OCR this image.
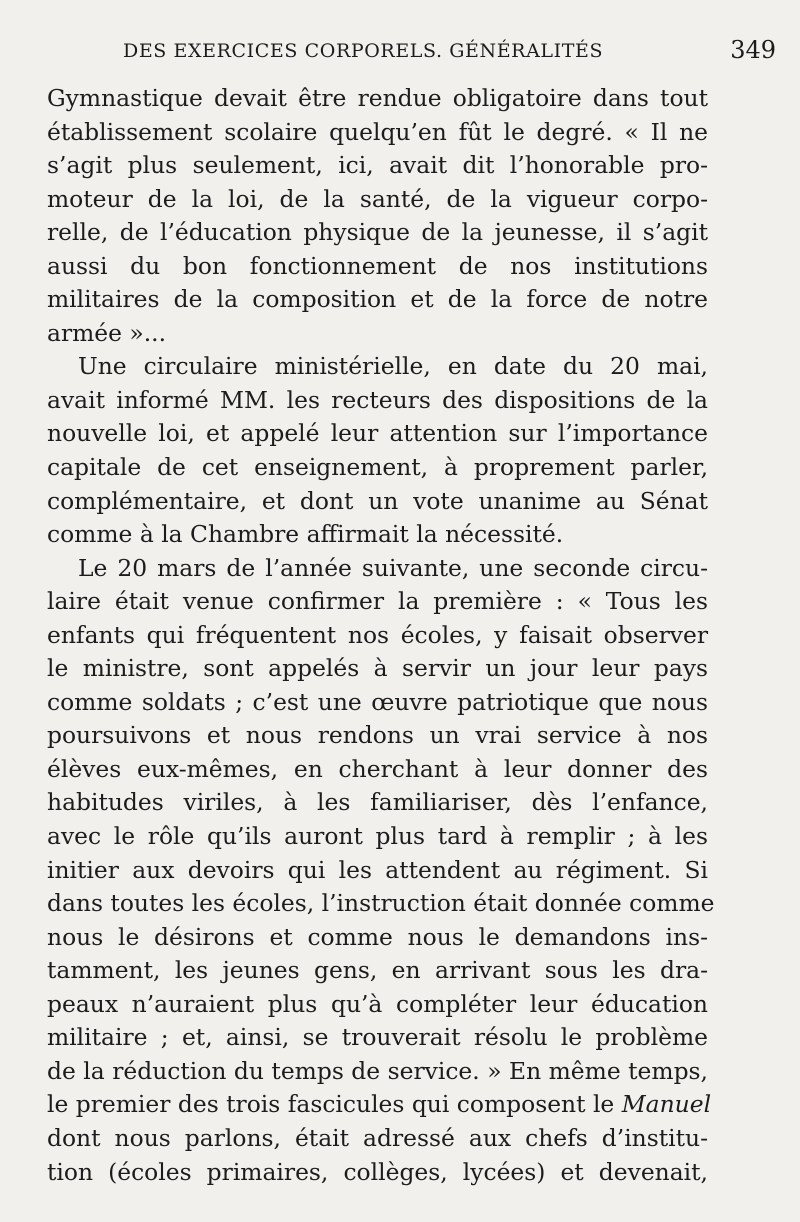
DES EXERCICES CORPORELS. GÉNÉRALITÉS	349
Gymnastique devait être rendue obligatoire dans tout
établissement scolaire quelqu’en fût le degré. « Il ne
s’agit plus seulement, ici, avait dit l’honorable pro-
moteur de la loi, de la santé, de la vigueur corpo-
relle, de l’éducation physique de la jeunesse, il s’agit
aussi du bon fonctionnement de nos institutions
militaires de la composition et de la force de notre
armée »...
Une circulaire ministérielle, en date du 20 mai,
avait informé MM. les recteurs des dispositions de la
nouvelle loi, et appelé leur attention sur l’importance
capitale de cet enseignement, à proprement parler,
complémentaire, et dont un vote unanime au Sénat
comme à la Chambre affirmait la nécessité.
Le 20 mars de l’année suivante, une seconde circu-
laire était venue confirmer la première : « Tous les
enfants qui fréquentent nos écoles, y faisait observer
le ministre, sont appelés à servir un jour leur pays
comme soldats ; c’est une œuvre patriotique que nous
poursuivons et nous rendons un vrai service à nos
élèves eux-mêmes, en cherchant à leur donner des
habitudes viriles, à les familiariser, dès l’enfance,
avec le rôle qu’ils auront plus tard à remplir ; à les
initier aux devoirs qui les attendent au régiment. Si
dans toutes les écoles, l’instruction était donnée comme
nous le désirons et comme nous le demandons ins-
tamment, les jeunes gens, en arrivant sous les dra-
peaux n’auraient plus qu’à compléter leur éducation
militaire ; et, ainsi, se trouverait résolu le problème
de la réduction du temps de service. » En même temps,
le premier des trois fascicules qui composent le Manuel
dont nous parlons, était adressé aux chefs d’institu-
tion (écoles primaires, collèges, lycées) et devenait,
